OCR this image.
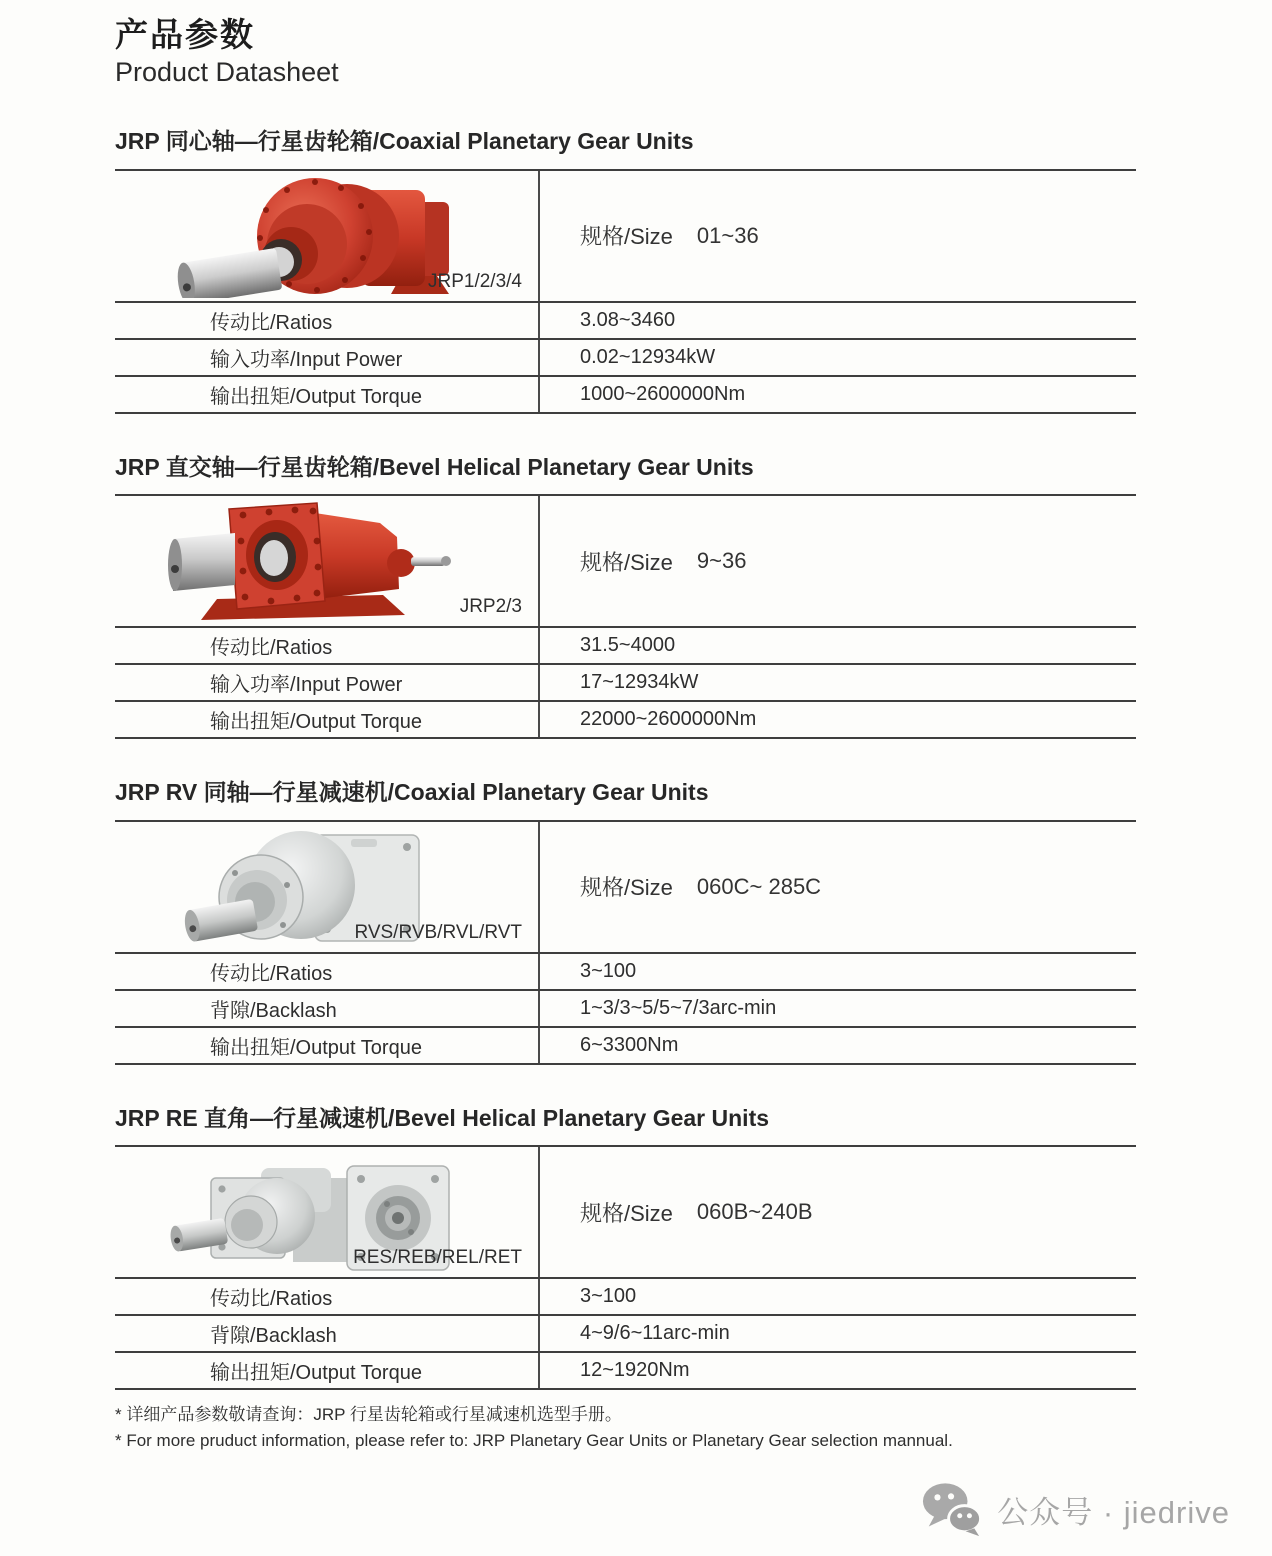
产品参数
Product Datasheet
JRP 同心轴—行星齿轮箱/Coaxial Planetary Gear Units
JRP1/2/3/4
规格/Size 01~36
传动比/Ratios	3.08~3460
输入功率/Input Power	0.02~12934kW
输出扭矩/Output Torque	1000~2600000Nm
JRP 直交轴—行星齿轮箱/Bevel Helical Planetary Gear Units
JRP2/3
规格/Size 9~36
传动比/Ratios	31.5~4000
输入功率/Input Power	17~12934kW
输出扭矩/Output Torque	22000~2600000Nm
JRP RV 同轴—行星减速机/Coaxial Planetary Gear Units
RVS/RVB/RVL/RVT
规格/Size 060C~ 285C
传动比/Ratios	3~100
背隙/Backlash	1~3/3~5/5~7/3arc-min
输出扭矩/Output Torque	6~3300Nm
JRP RE 直角—行星减速机/Bevel Helical Planetary Gear Units
RES/REB/REL/RET
规格/Size 060B~240B
传动比/Ratios	3~100
背隙/Backlash	4~9/6~11arc-min
输出扭矩/Output Torque	12~1920Nm
* 详细产品参数敬请查询：JRP 行星齿轮箱或行星减速机选型手册。
* For more pruduct information, please refer to: JRP Planetary Gear Units or Planetary Gear selection mannual.
公众号 · jiedrive
